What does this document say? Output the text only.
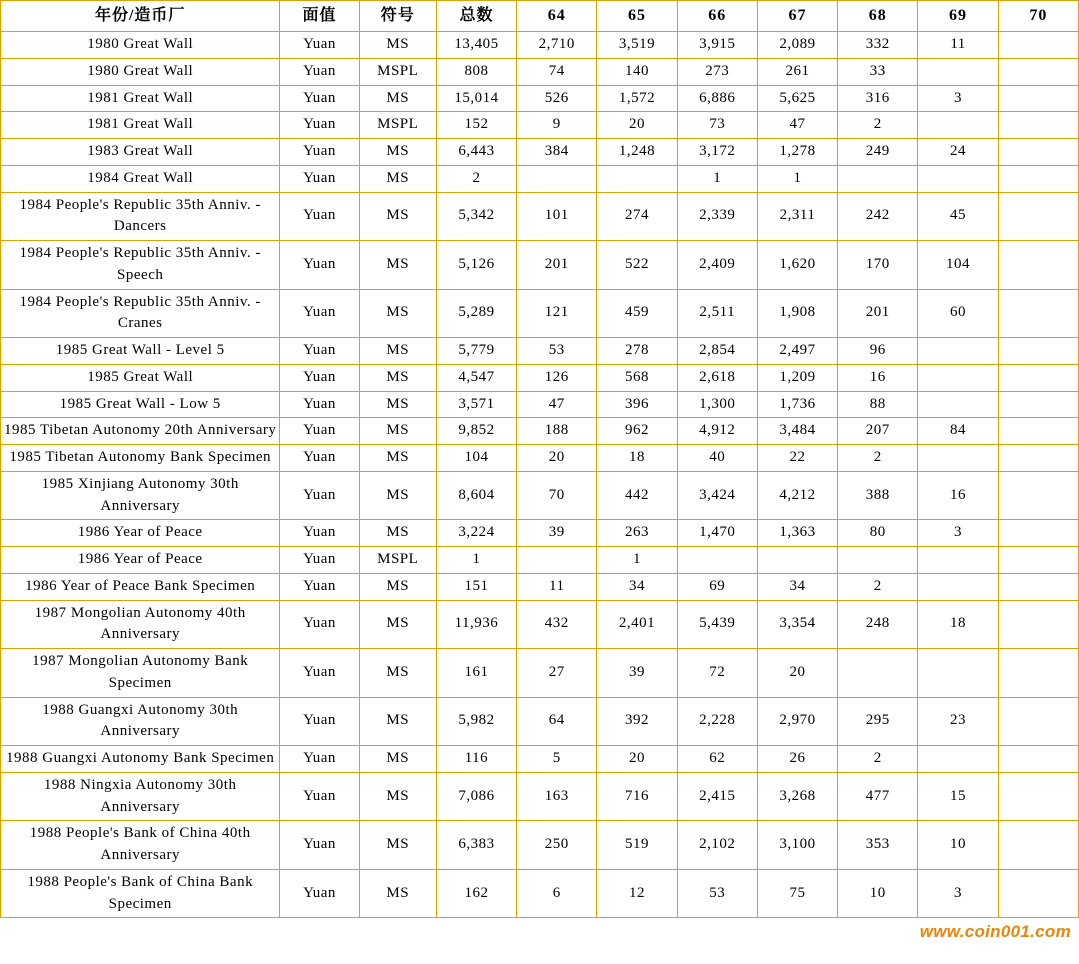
年份/造币厂	面值	符号	总数	64	65	66	67	68	69	70
1980 Great Wall	Yuan	MS	13,405	2,710	3,519	3,915	2,089	332	11	
1980 Great Wall	Yuan	MSPL	808	74	140	273	261	33		
1981 Great Wall	Yuan	MS	15,014	526	1,572	6,886	5,625	316	3	
1981 Great Wall	Yuan	MSPL	152	9	20	73	47	2		
1983 Great Wall	Yuan	MS	6,443	384	1,248	3,172	1,278	249	24	
1984 Great Wall	Yuan	MS	2			1	1			
1984 People's Republic 35th Anniv. - Dancers	Yuan	MS	5,342	101	274	2,339	2,311	242	45	
1984 People's Republic 35th Anniv. - Speech	Yuan	MS	5,126	201	522	2,409	1,620	170	104	
1984 People's Republic 35th Anniv. - Cranes	Yuan	MS	5,289	121	459	2,511	1,908	201	60	
1985 Great Wall - Level 5	Yuan	MS	5,779	53	278	2,854	2,497	96		
1985 Great Wall	Yuan	MS	4,547	126	568	2,618	1,209	16		
1985 Great Wall - Low 5	Yuan	MS	3,571	47	396	1,300	1,736	88		
1985 Tibetan Autonomy 20th Anniversary	Yuan	MS	9,852	188	962	4,912	3,484	207	84	
1985 Tibetan Autonomy Bank Specimen	Yuan	MS	104	20	18	40	22	2		
1985 Xinjiang Autonomy 30th Anniversary	Yuan	MS	8,604	70	442	3,424	4,212	388	16	
1986 Year of Peace	Yuan	MS	3,224	39	263	1,470	1,363	80	3	
1986 Year of Peace	Yuan	MSPL	1		1					
1986 Year of Peace Bank Specimen	Yuan	MS	151	11	34	69	34	2		
1987 Mongolian Autonomy 40th Anniversary	Yuan	MS	11,936	432	2,401	5,439	3,354	248	18	
1987 Mongolian Autonomy Bank Specimen	Yuan	MS	161	27	39	72	20			
1988 Guangxi Autonomy 30th Anniversary	Yuan	MS	5,982	64	392	2,228	2,970	295	23	
1988 Guangxi Autonomy Bank Specimen	Yuan	MS	116	5	20	62	26	2		
1988 Ningxia Autonomy 30th Anniversary	Yuan	MS	7,086	163	716	2,415	3,268	477	15	
1988 People's Bank of China 40th Anniversary	Yuan	MS	6,383	250	519	2,102	3,100	353	10	
1988 People's Bank of China Bank Specimen	Yuan	MS	162	6	12	53	75	10	3	
www.coin001.com
